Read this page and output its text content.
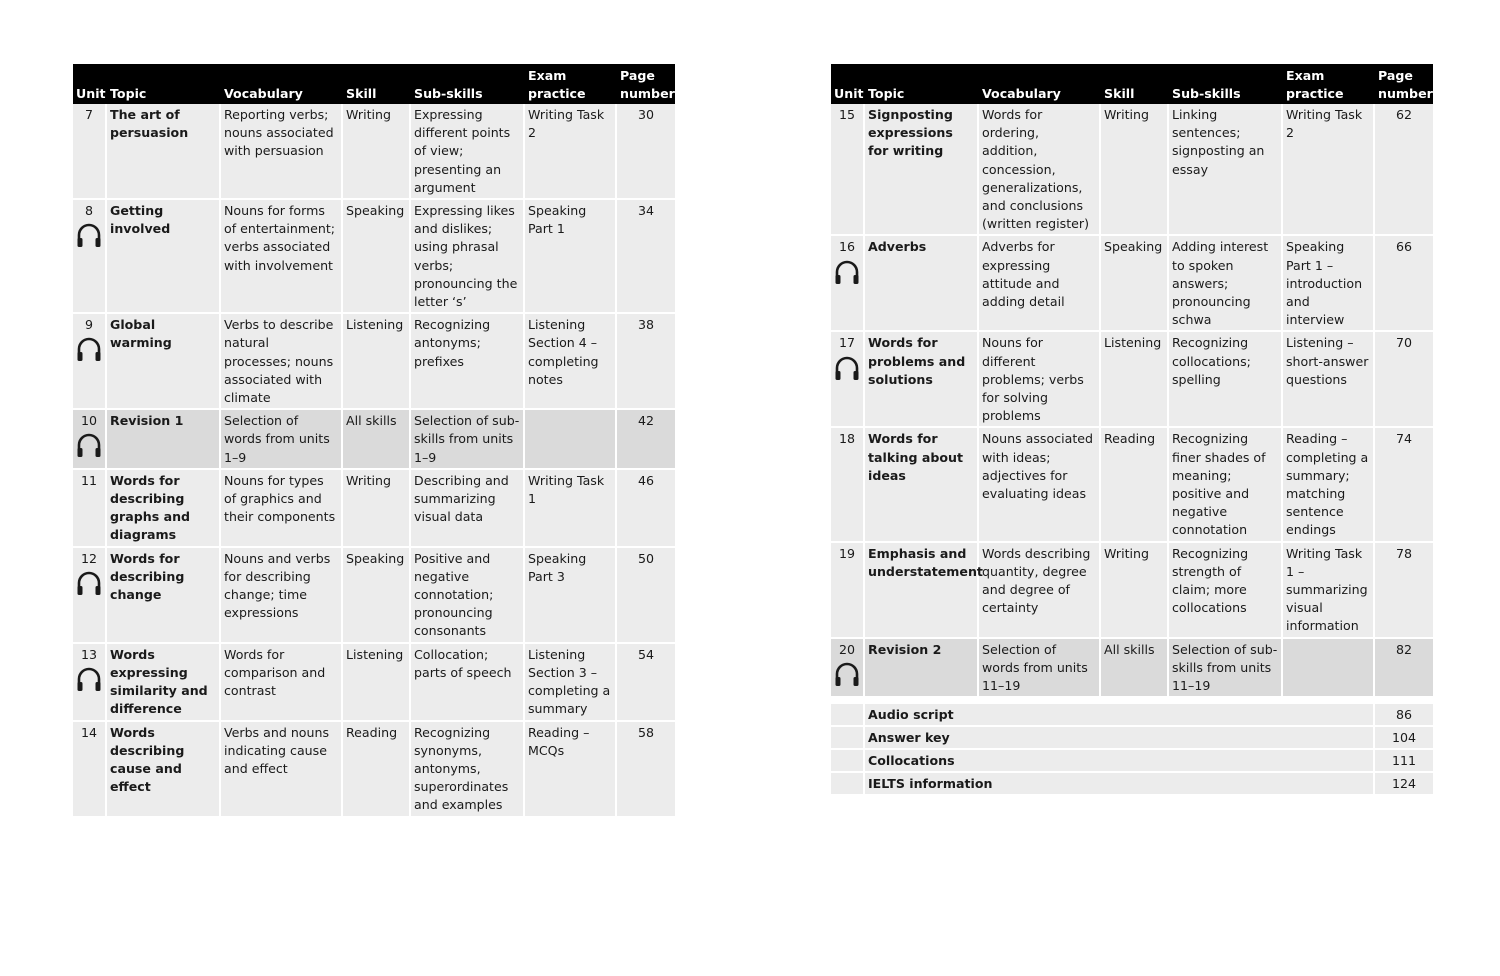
Unit	Topic	Vocabulary	Skill	Sub-skills	Exam practice	Page number

7	The art of persuasion	Reporting verbs; nouns associated with persuasion	Writing	Expressing different points of view; presenting an argument	Writing Task 2	30

8	Getting involved	Nouns for forms of entertainment; verbs associated with involvement	Speaking	Expressing likes and dislikes; using phrasal verbs; pronouncing the letter ‘s’	Speaking Part 1	34

9	Global warming	Verbs to describe natural processes; nouns associated with climate	Listening	Recognizing antonyms; prefixes	Listening Section 4 – completing notes	38

10	Revision 1	Selection of words from units 1–9	All skills	Selection of sub-skills from units 1–9		42

11	Words for describing graphs and diagrams	Nouns for types of graphics and their components	Writing	Describing and summarizing visual data	Writing Task 1	46

12	Words for describing change	Nouns and verbs for describing change; time expressions	Speaking	Positive and negative connotation; pronouncing consonants	Speaking Part 3	50

13	Words expressing similarity and difference	Words for comparison and contrast	Listening	Collocation; parts of speech	Listening Section 3 – completing a summary	54

14	Words describing cause and effect	Verbs and nouns indicating cause and effect	Reading	Recognizing synonyms, antonyms, superordinates and examples	Reading – MCQs	58
Unit	Topic	Vocabulary	Skill	Sub-skills	Exam practice	Page number

15	Signposting expressions for writing	Words for ordering, addition, concession, generalizations, and conclusions (written register)	Writing	Linking sentences; signposting an essay	Writing Task 2	62

16	Adverbs	Adverbs for expressing attitude and adding detail	Speaking	Adding interest to spoken answers; pronouncing schwa	Speaking Part 1 – introduction and interview	66

17	Words for problems and solutions	Nouns for different problems; verbs for solving problems	Listening	Recognizing collocations; spelling	Listening – short-answer questions	70

18	Words for talking about ideas	Nouns associated with ideas; adjectives for evaluating ideas	Reading	Recognizing finer shades of meaning; positive and negative connotation	Reading – completing a summary; matching sentence endings	74

19	Emphasis and understatement	Words describing quantity, degree and degree of certainty	Writing	Recognizing strength of claim; more collocations	Writing Task 1 – summarizing visual information	78

20	Revision 2	Selection of words from units 11–19	All skills	Selection of sub-skills from units 11–19		82

	Audio script					86
	Answer key					104
	Collocations					111
	IELTS information					124
